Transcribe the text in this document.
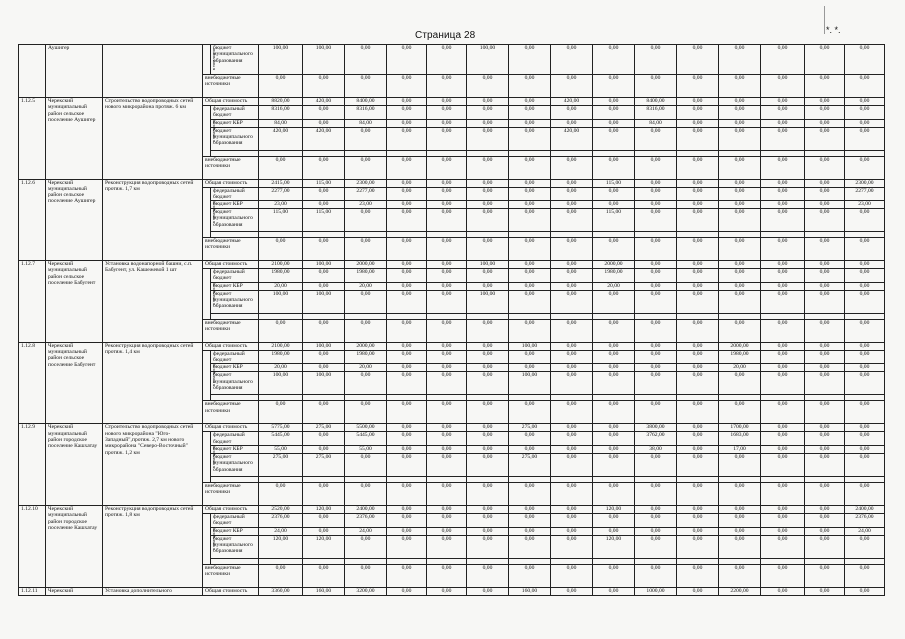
Страница 28	*. *.
	Аушигер		в том числе	бюджет муниципального образования	100,00	100,00	0,00	0,00	0,00	100,00	0,00	0,00	0,00	0,00	0,00	0,00	0,00	0,00	0,00
			внебюджетные источники		0,00	0,00	0,00	0,00	0,00	0,00	0,00	0,00	0,00	0,00	0,00	0,00	0,00	0,00	0,00
1.12.5	Черекский муниципальный район сельское поселение Аушигер	Строительство водопроводных сетей нового микрорайона протяж. 6 км	Общая стоимость		8820,00	420,00	8400,00	0,00	0,00	0,00	0,00	420,00	0,00	8400,00	0,00	0,00	0,00	0,00	0,00
			в том числе	федеральный бюджет	8316,00	0,00	8316,00	0,00	0,00	0,00	0,00	0,00	0,00	8316,00	0,00	0,00	0,00	0,00	0,00
				бюджет КБР	84,00	0,00	84,00	0,00	0,00	0,00	0,00	0,00	0,00	84,00	0,00	0,00	0,00	0,00	0,00
				бюджет муниципального образования	420,00	420,00	0,00	0,00	0,00	0,00	0,00	420,00	0,00	0,00	0,00	0,00	0,00	0,00	0,00

			внебюджетные источники		0,00	0,00	0,00	0,00	0,00	0,00	0,00	0,00	0,00	0,00	0,00	0,00	0,00	0,00	0,00
1.12.6	Черекский муниципальный район сельское поселение Аушигер	Реконструкция водопроводных сетей протяж. 1,7 км	Общая стоимость		2415,00	115,00	2300,00	0,00	0,00	0,00	0,00	0,00	115,00	0,00	0,00	0,00	0,00	0,00	2300,00
			в том числе	федеральный бюджет	2277,00	0,00	2277,00	0,00	0,00	0,00	0,00	0,00	0,00	0,00	0,00	0,00	0,00	0,00	2277,00
				бюджет КБР	23,00	0,00	23,00	0,00	0,00	0,00	0,00	0,00	0,00	0,00	0,00	0,00	0,00	0,00	23,00
				бюджет муниципального образования	115,00	115,00	0,00	0,00	0,00	0,00	0,00	0,00	115,00	0,00	0,00	0,00	0,00	0,00	0,00

			внебюджетные источники		0,00	0,00	0,00	0,00	0,00	0,00	0,00	0,00	0,00	0,00	0,00	0,00	0,00	0,00	0,00
1.12.7	Черекский муниципальный район сельское поселение Бабугент	Установка водонапорной башни, с.п. Бабугент, ул. Кашежевой 1 шт	Общая стоимость		2100,00	100,00	2000,00	0,00	0,00	100,00	0,00	0,00	2000,00	0,00	0,00	0,00	0,00	0,00	0,00
			в том числе	федеральный бюджет	1980,00	0,00	1980,00	0,00	0,00	0,00	0,00	0,00	1980,00	0,00	0,00	0,00	0,00	0,00	0,00
				бюджет КБР	20,00	0,00	20,00	0,00	0,00	0,00	0,00	0,00	20,00	0,00	0,00	0,00	0,00	0,00	0,00
				бюджет муниципального образования	100,00	100,00	0,00	0,00	0,00	100,00	0,00	0,00	0,00	0,00	0,00	0,00	0,00	0,00	0,00

			внебюджетные источники		0,00	0,00	0,00	0,00	0,00	0,00	0,00	0,00	0,00	0,00	0,00	0,00	0,00	0,00	0,00
1.12.8	Черекский муниципальный район сельское поселение Бабугент	Реконструкция водопроводных сетей протяж. 1,4 км	Общая стоимость		2100,00	100,00	2000,00	0,00	0,00	0,00	100,00	0,00	0,00	0,00	0,00	2000,00	0,00	0,00	0,00
			в том числе	федеральный бюджет	1980,00	0,00	1980,00	0,00	0,00	0,00	0,00	0,00	0,00	0,00	0,00	1980,00	0,00	0,00	0,00
				бюджет КБР	20,00	0,00	20,00	0,00	0,00	0,00	0,00	0,00	0,00	0,00	0,00	20,00	0,00	0,00	0,00
				бюджет муниципального образования	100,00	100,00	0,00	0,00	0,00	0,00	100,00	0,00	0,00	0,00	0,00	0,00	0,00	0,00	0,00

			внебюджетные источники		0,00	0,00	0,00	0,00	0,00	0,00	0,00	0,00	0,00	0,00	0,00	0,00	0,00	0,00	0,00
1.12.9	Черекский муниципальный район городское поселение Кашхатау	Строительство водопроводных сетей нового микрорайона "Юго-Западный",протяж. 2,7 км нового микрорайона "Северо-Восточный" протяж. 1,2 км	Общая стоимость		5775,00	275,00	5500,00	0,00	0,00	0,00	275,00	0,00	0,00	3800,00	0,00	1700,00	0,00	0,00	0,00
			в том числе	федеральный бюджет	5445,00	0,00	5445,00	0,00	0,00	0,00	0,00	0,00	0,00	3762,00	0,00	1683,00	0,00	0,00	0,00
				бюджет КБР	55,00	0,00	55,00	0,00	0,00	0,00	0,00	0,00	0,00	38,00	0,00	17,00	0,00	0,00	0,00
				бюджет муниципального образования	275,00	275,00	0,00	0,00	0,00	0,00	275,00	0,00	0,00	0,00	0,00	0,00	0,00	0,00	0,00

			внебюджетные источники		0,00	0,00	0,00	0,00	0,00	0,00	0,00	0,00	0,00	0,00	0,00	0,00	0,00	0,00	0,00
1.12.10	Черекский муниципальный район городское поселение Кашхатау	Реконструкция водопроводных сетей протяж. 1,8 км	Общая стоимость		2520,00	120,00	2400,00	0,00	0,00	0,00	0,00	0,00	120,00	0,00	0,00	0,00	0,00	0,00	2400,00
			в том числе	федеральный бюджет	2376,00	0,00	2376,00	0,00	0,00	0,00	0,00	0,00	0,00	0,00	0,00	0,00	0,00	0,00	2376,00
				бюджет КБР	24,00	0,00	24,00	0,00	0,00	0,00	0,00	0,00	0,00	0,00	0,00	0,00	0,00	0,00	24,00
				бюджет муниципального образования	120,00	120,00	0,00	0,00	0,00	0,00	0,00	0,00	120,00	0,00	0,00	0,00	0,00	0,00	0,00

			внебюджетные источники		0,00	0,00	0,00	0,00	0,00	0,00	0,00	0,00	0,00	0,00	0,00	0,00	0,00	0,00	0,00
1.12.11	Черекский	Установка дополнительного	Общая стоимость		3360,00	160,00	3200,00	0,00	0,00	0,00	160,00	0,00	0,00	1000,00	0,00	2200,00	0,00	0,00	0,00
